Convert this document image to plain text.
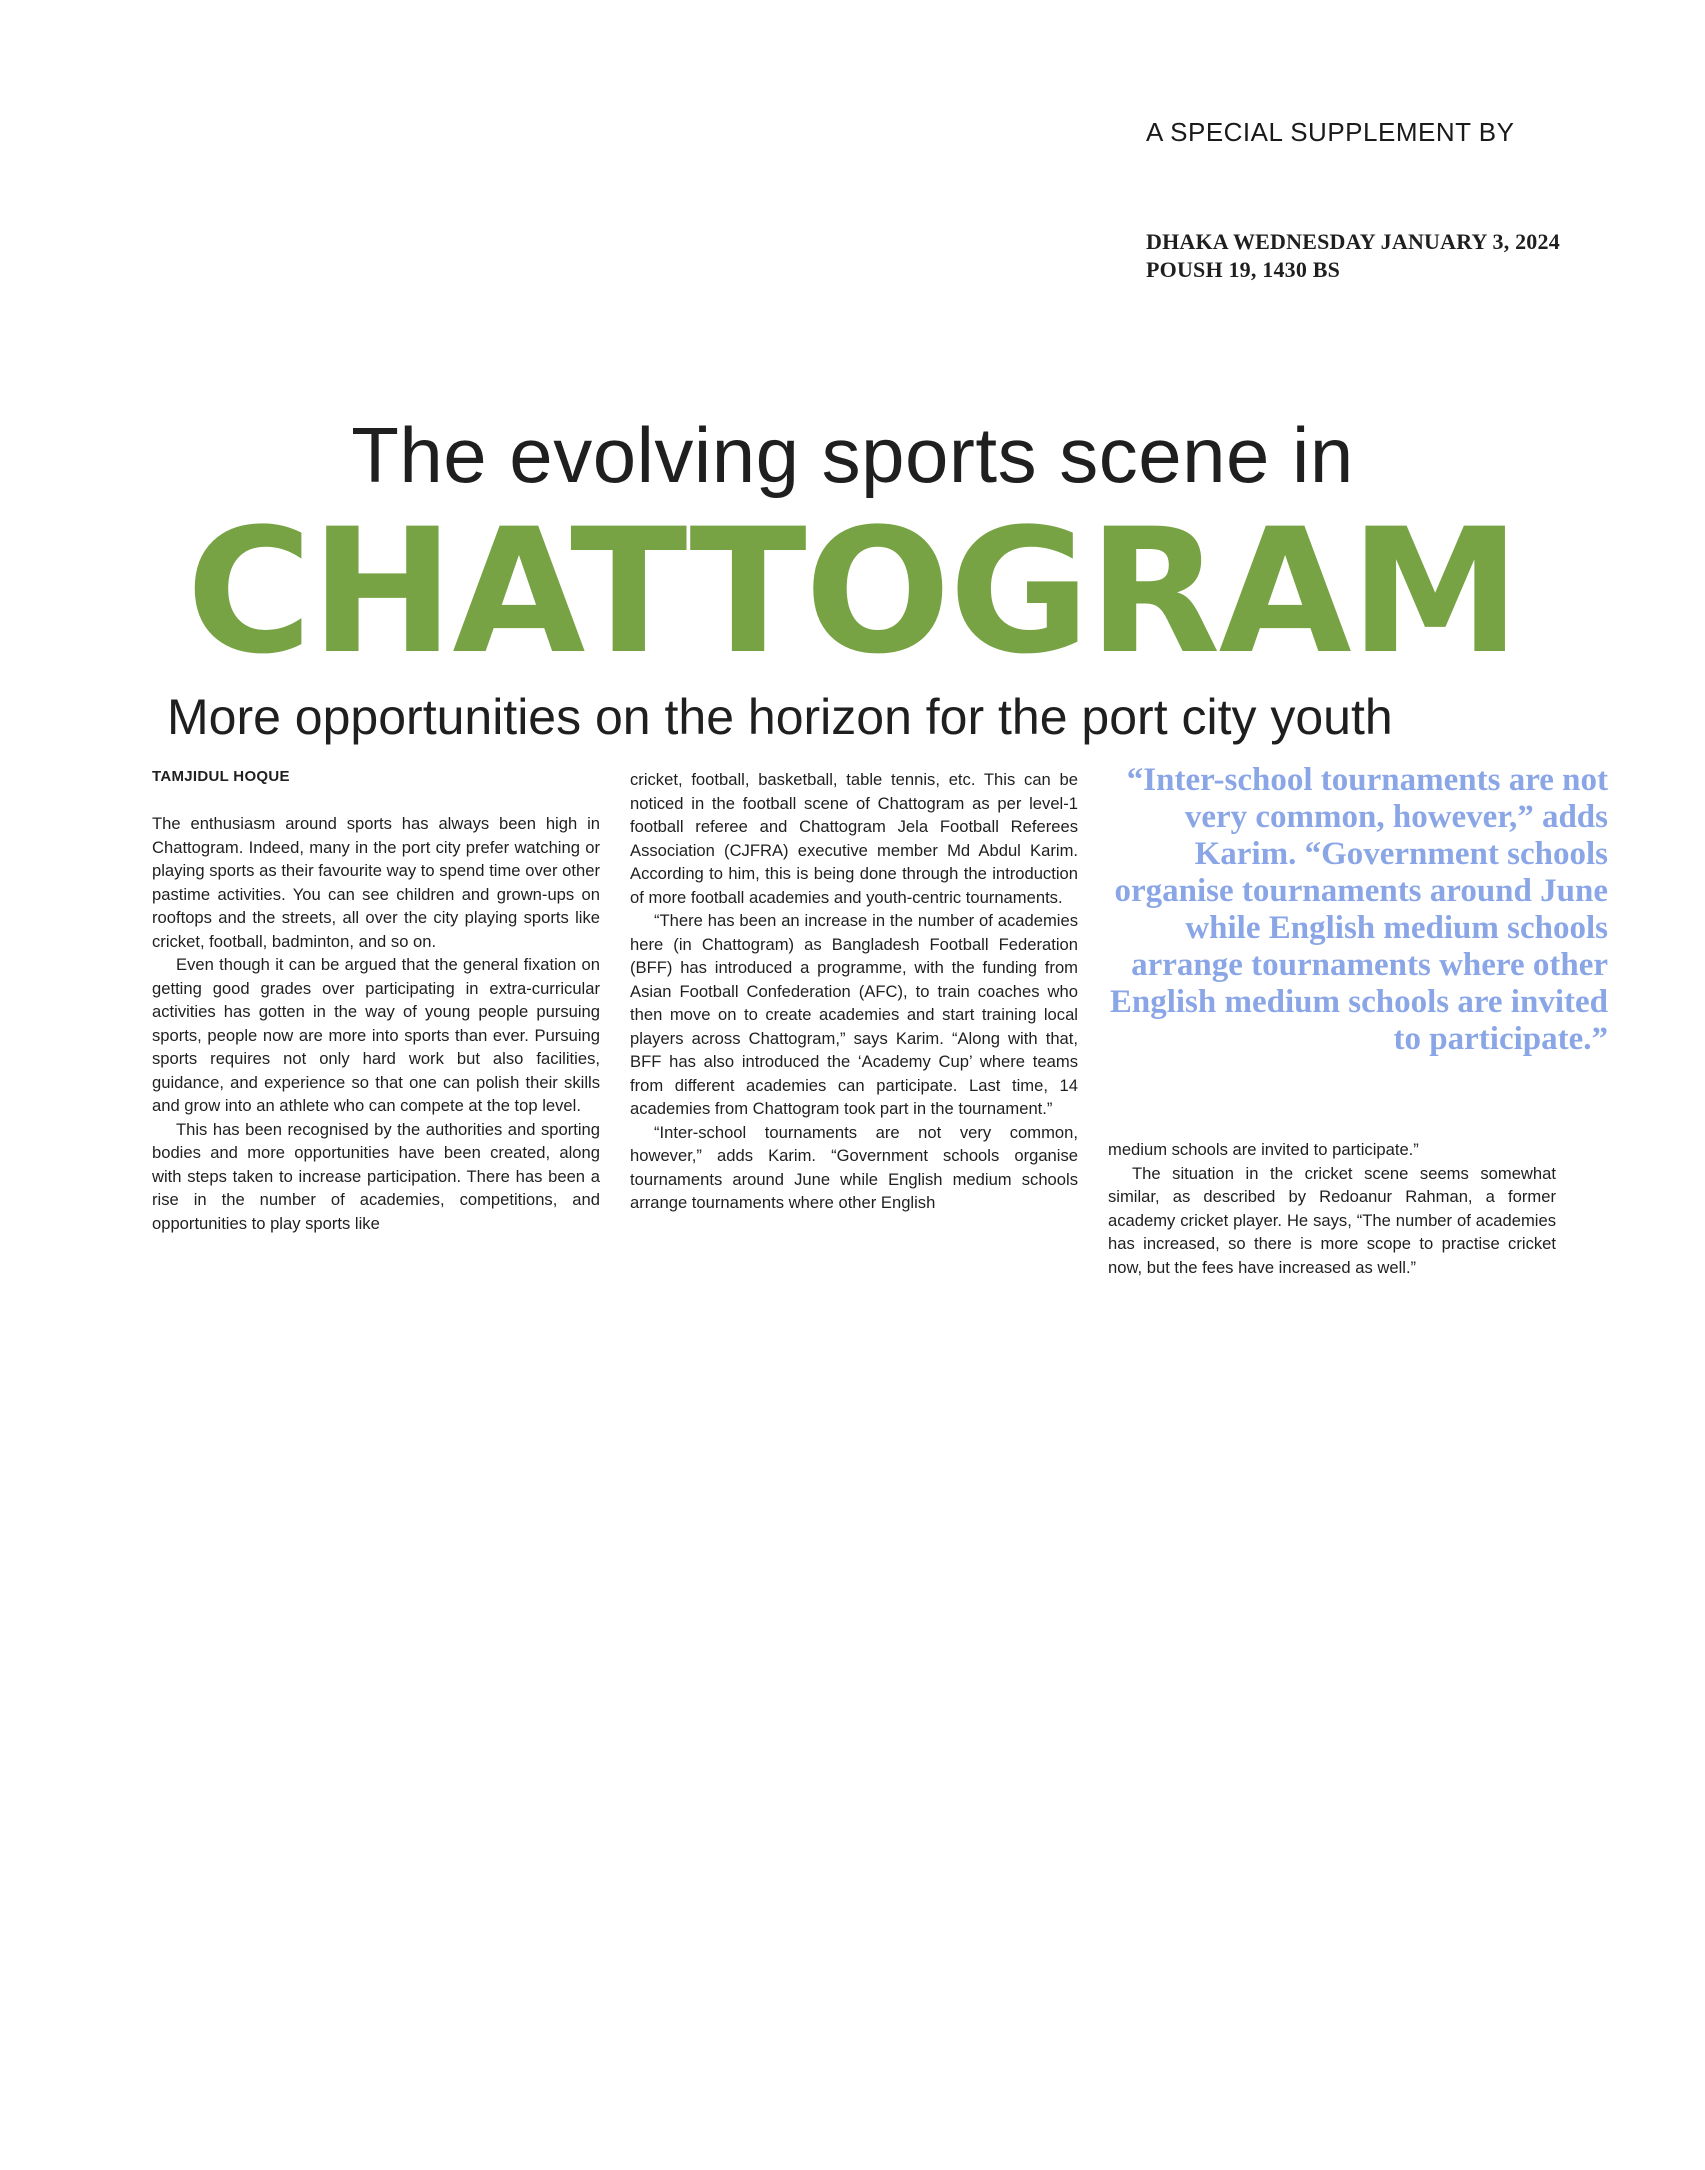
A SPECIAL SUPPLEMENT BY
DHAKA WEDNESDAY JANUARY 3, 2024
POUSH 19, 1430 BS
The evolving sports scene in
CHATTOGRAM
More opportunities on the horizon for the port city youth
TAMJIDUL HOQUE

The enthusiasm around sports has always been high in Chattogram. Indeed, many in the port city prefer watching or playing sports as their favourite way to spend time over other pastime activities. You can see children and grown-ups on rooftops and the streets, all over the city playing sports like cricket, football, badminton, and so on.

Even though it can be argued that the general fixation on getting good grades over participating in extra-curricular activities has gotten in the way of young people pursuing sports, people now are more into sports than ever. Pursuing sports requires not only hard work but also facilities, guidance, and experience so that one can polish their skills and grow into an athlete who can compete at the top level.

This has been recognised by the authorities and sporting bodies and more opportunities have been created, along with steps taken to increase participation. There has been a rise in the number of academies, competitions, and opportunities to play sports like

cricket, football, basketball, table tennis, etc. This can be noticed in the football scene of Chattogram as per level-1 football referee and Chattogram Jela Football Referees Association (CJFRA) executive member Md Abdul Karim. According to him, this is being done through the introduction of more football academies and youth-centric tournaments.

“There has been an increase in the number of academies here (in Chattogram) as Bangladesh Football Federation (BFF) has introduced a programme, with the funding from Asian Football Confederation (AFC), to train coaches who then move on to create academies and start training local players across Chattogram,” says Karim. “Along with that, BFF has also introduced the ‘Academy Cup’ where teams from different academies can participate. Last time, 14 academies from Chattogram took part in the tournament.”

“Inter-school tournaments are not very common, however,” adds Karim. “Government schools organise tournaments around June while English medium schools arrange tournaments where other English

“Inter-school tournaments are not very common, however,” adds Karim. “Government schools organise tournaments around June while English medium schools arrange tournaments where other English medium schools are invited to participate.”

medium schools are invited to participate.”

The situation in the cricket scene seems somewhat similar, as described by Redoanur Rahman, a former academy cricket player. He says, “The number of academies has increased, so there is more scope to practise cricket now, but the fees have increased as well.”
